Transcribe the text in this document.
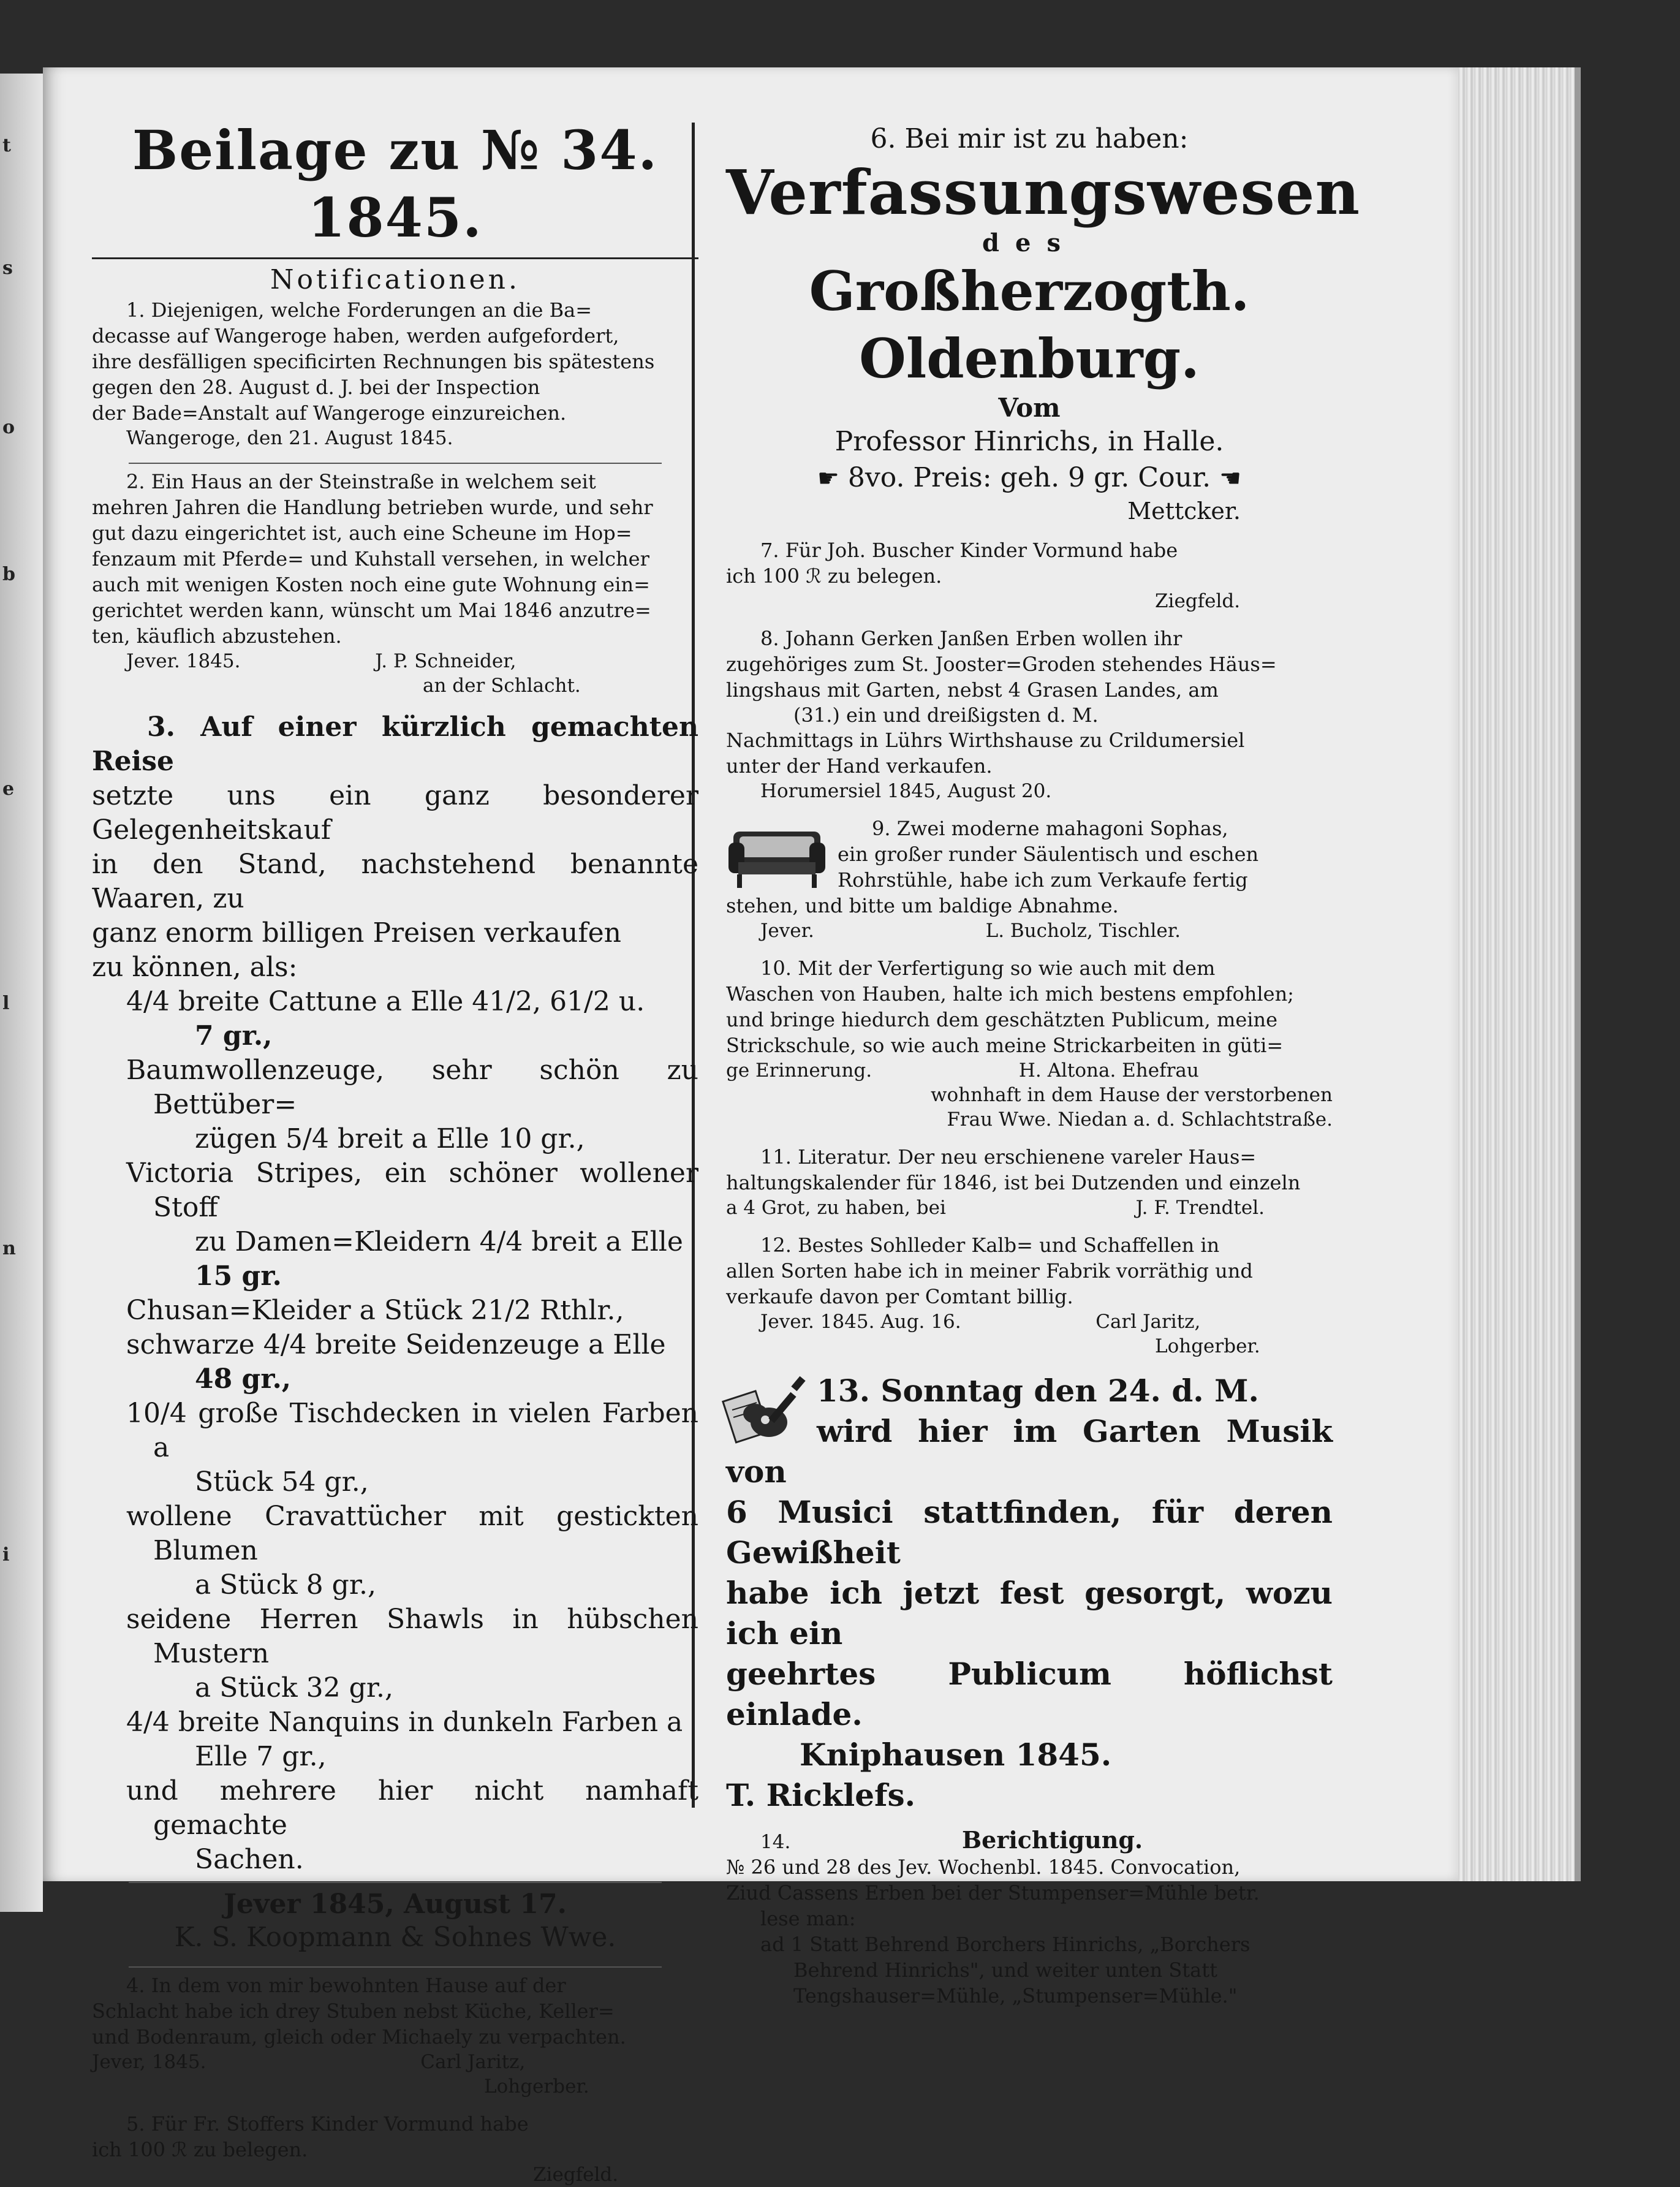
t
s
o
b
e
l
n
i
Beilage zu № 34. 1845.
Notificationen.

1. Diejenigen, welche Forderungen an die Ba=

decasse auf Wangeroge haben, werden aufgefordert,

ihre desfälligen specificirten Rechnungen bis spätestens

gegen den 28. August d. J. bei der Inspection

der Bade=Anstalt auf Wangeroge einzureichen.

Wangeroge, den 21. August 1845.

2. Ein Haus an der Steinstraße in welchem seit

mehren Jahren die Handlung betrieben wurde, und sehr

gut dazu eingerichtet ist, auch eine Scheune im Hop=

fenzaum mit Pferde= und Kuhstall versehen, in welcher

auch mit wenigen Kosten noch eine gute Wohnung ein=

gerichtet werden kann, wünscht um Mai 1846 anzutre=

ten, käuflich abzustehen.

Jever. 1845.	J. P. Schneider,

an der Schlacht.

3. Auf einer kürzlich gemachten Reise

setzte uns ein ganz besonderer Gelegenheitskauf

in den Stand, nachstehend benannte Waaren, zu

ganz enorm billigen Preisen verkaufen

zu können, als:

4/4 breite Cattune a Elle 41/2, 61/2 u.

7 gr.,

Baumwollenzeuge, sehr schön zu Bettüber=

zügen 5/4 breit a Elle 10 gr.,

Victoria Stripes, ein schöner wollener Stoff

zu Damen=Kleidern 4/4 breit a Elle

15 gr.

Chusan=Kleider a Stück 21/2 Rthlr.,

schwarze 4/4 breite Seidenzeuge a Elle

48 gr.,

10/4 große Tischdecken in vielen Farben a

Stück 54 gr.,

wollene Cravattücher mit gestickten Blumen

a Stück 8 gr.,

seidene Herren Shawls in hübschen Mustern

a Stück 32 gr.,

4/4 breite Nanquins in dunkeln Farben a

Elle 7 gr.,

und mehrere hier nicht namhaft gemachte

Sachen.

Jever 1845, August 17.

K. S. Koopmann & Sohnes Wwe.

4. In dem von mir bewohnten Hause auf der

Schlacht habe ich drey Stuben nebst Küche, Keller=

und Bodenraum, gleich oder Michaely zu verpachten.

Jever, 1845.	Carl Jaritz,

Lohgerber.

5. Für Fr. Stoffers Kinder Vormund habe

ich 100 ℛ zu belegen.

Ziegfeld.

6. Bei mir ist zu haben:

Verfassungswesen

des

Großherzogth. Oldenburg.

Vom

Professor Hinrichs, in Halle.

☛ 8vo. Preis: geh. 9 gr. Cour. ☚

Mettcker.

7. Für Joh. Buscher Kinder Vormund habe

ich 100 ℛ zu belegen.

Ziegfeld.

8. Johann Gerken Janßen Erben wollen ihr

zugehöriges zum St. Jooster=Groden stehendes Häus=

lingshaus mit Garten, nebst 4 Grasen Landes, am

(31.) ein und dreißigsten d. M.

Nachmittags in Lührs Wirthshause zu Crildumersiel

unter der Hand verkaufen.

Horumersiel 1845, August 20.

9. Zwei moderne mahagoni Sophas,

ein großer runder Säulentisch und eschen

Rohrstühle, habe ich zum Verkaufe fertig

stehen, und bitte um baldige Abnahme.

Jever.	L. Bucholz, Tischler.

10. Mit der Verfertigung so wie auch mit dem

Waschen von Hauben, halte ich mich bestens empfohlen;

und bringe hiedurch dem geschätzten Publicum, meine

Strickschule, so wie auch meine Strickarbeiten in güti=

ge Erinnerung.	H. Altona. Ehefrau

wohnhaft in dem Hause der verstorbenen

Frau Wwe. Niedan a. d. Schlachtstraße.

11. Literatur. Der neu erschienene vareler Haus=

haltungskalender für 1846, ist bei Dutzenden und einzeln

a 4 Grot, zu haben, bei	J. F. Trendtel.

12. Bestes Sohlleder Kalb= und Schaffellen in

allen Sorten habe ich in meiner Fabrik vorräthig und

verkaufe davon per Comtant billig.

Jever. 1845. Aug. 16.	Carl Jaritz,

Lohgerber.

13. Sonntag den 24. d. M.

wird hier im Garten Musik von

6 Musici stattfinden, für deren Gewißheit

habe ich jetzt fest gesorgt, wozu ich ein

geehrtes Publicum höflichst einlade.

Kniphausen 1845.

T. Ricklefs.

14.	Berichtigung.

№ 26 und 28 des Jev. Wochenbl. 1845. Convocation,

Ziud Cassens Erben bei der Stumpenser=Mühle betr.

lese man:

ad 1 Statt Behrend Borchers Hinrichs, „Borchers

Behrend Hinrichs", und weiter unten Statt

Tengshauser=Mühle, „Stumpenser=Mühle."
